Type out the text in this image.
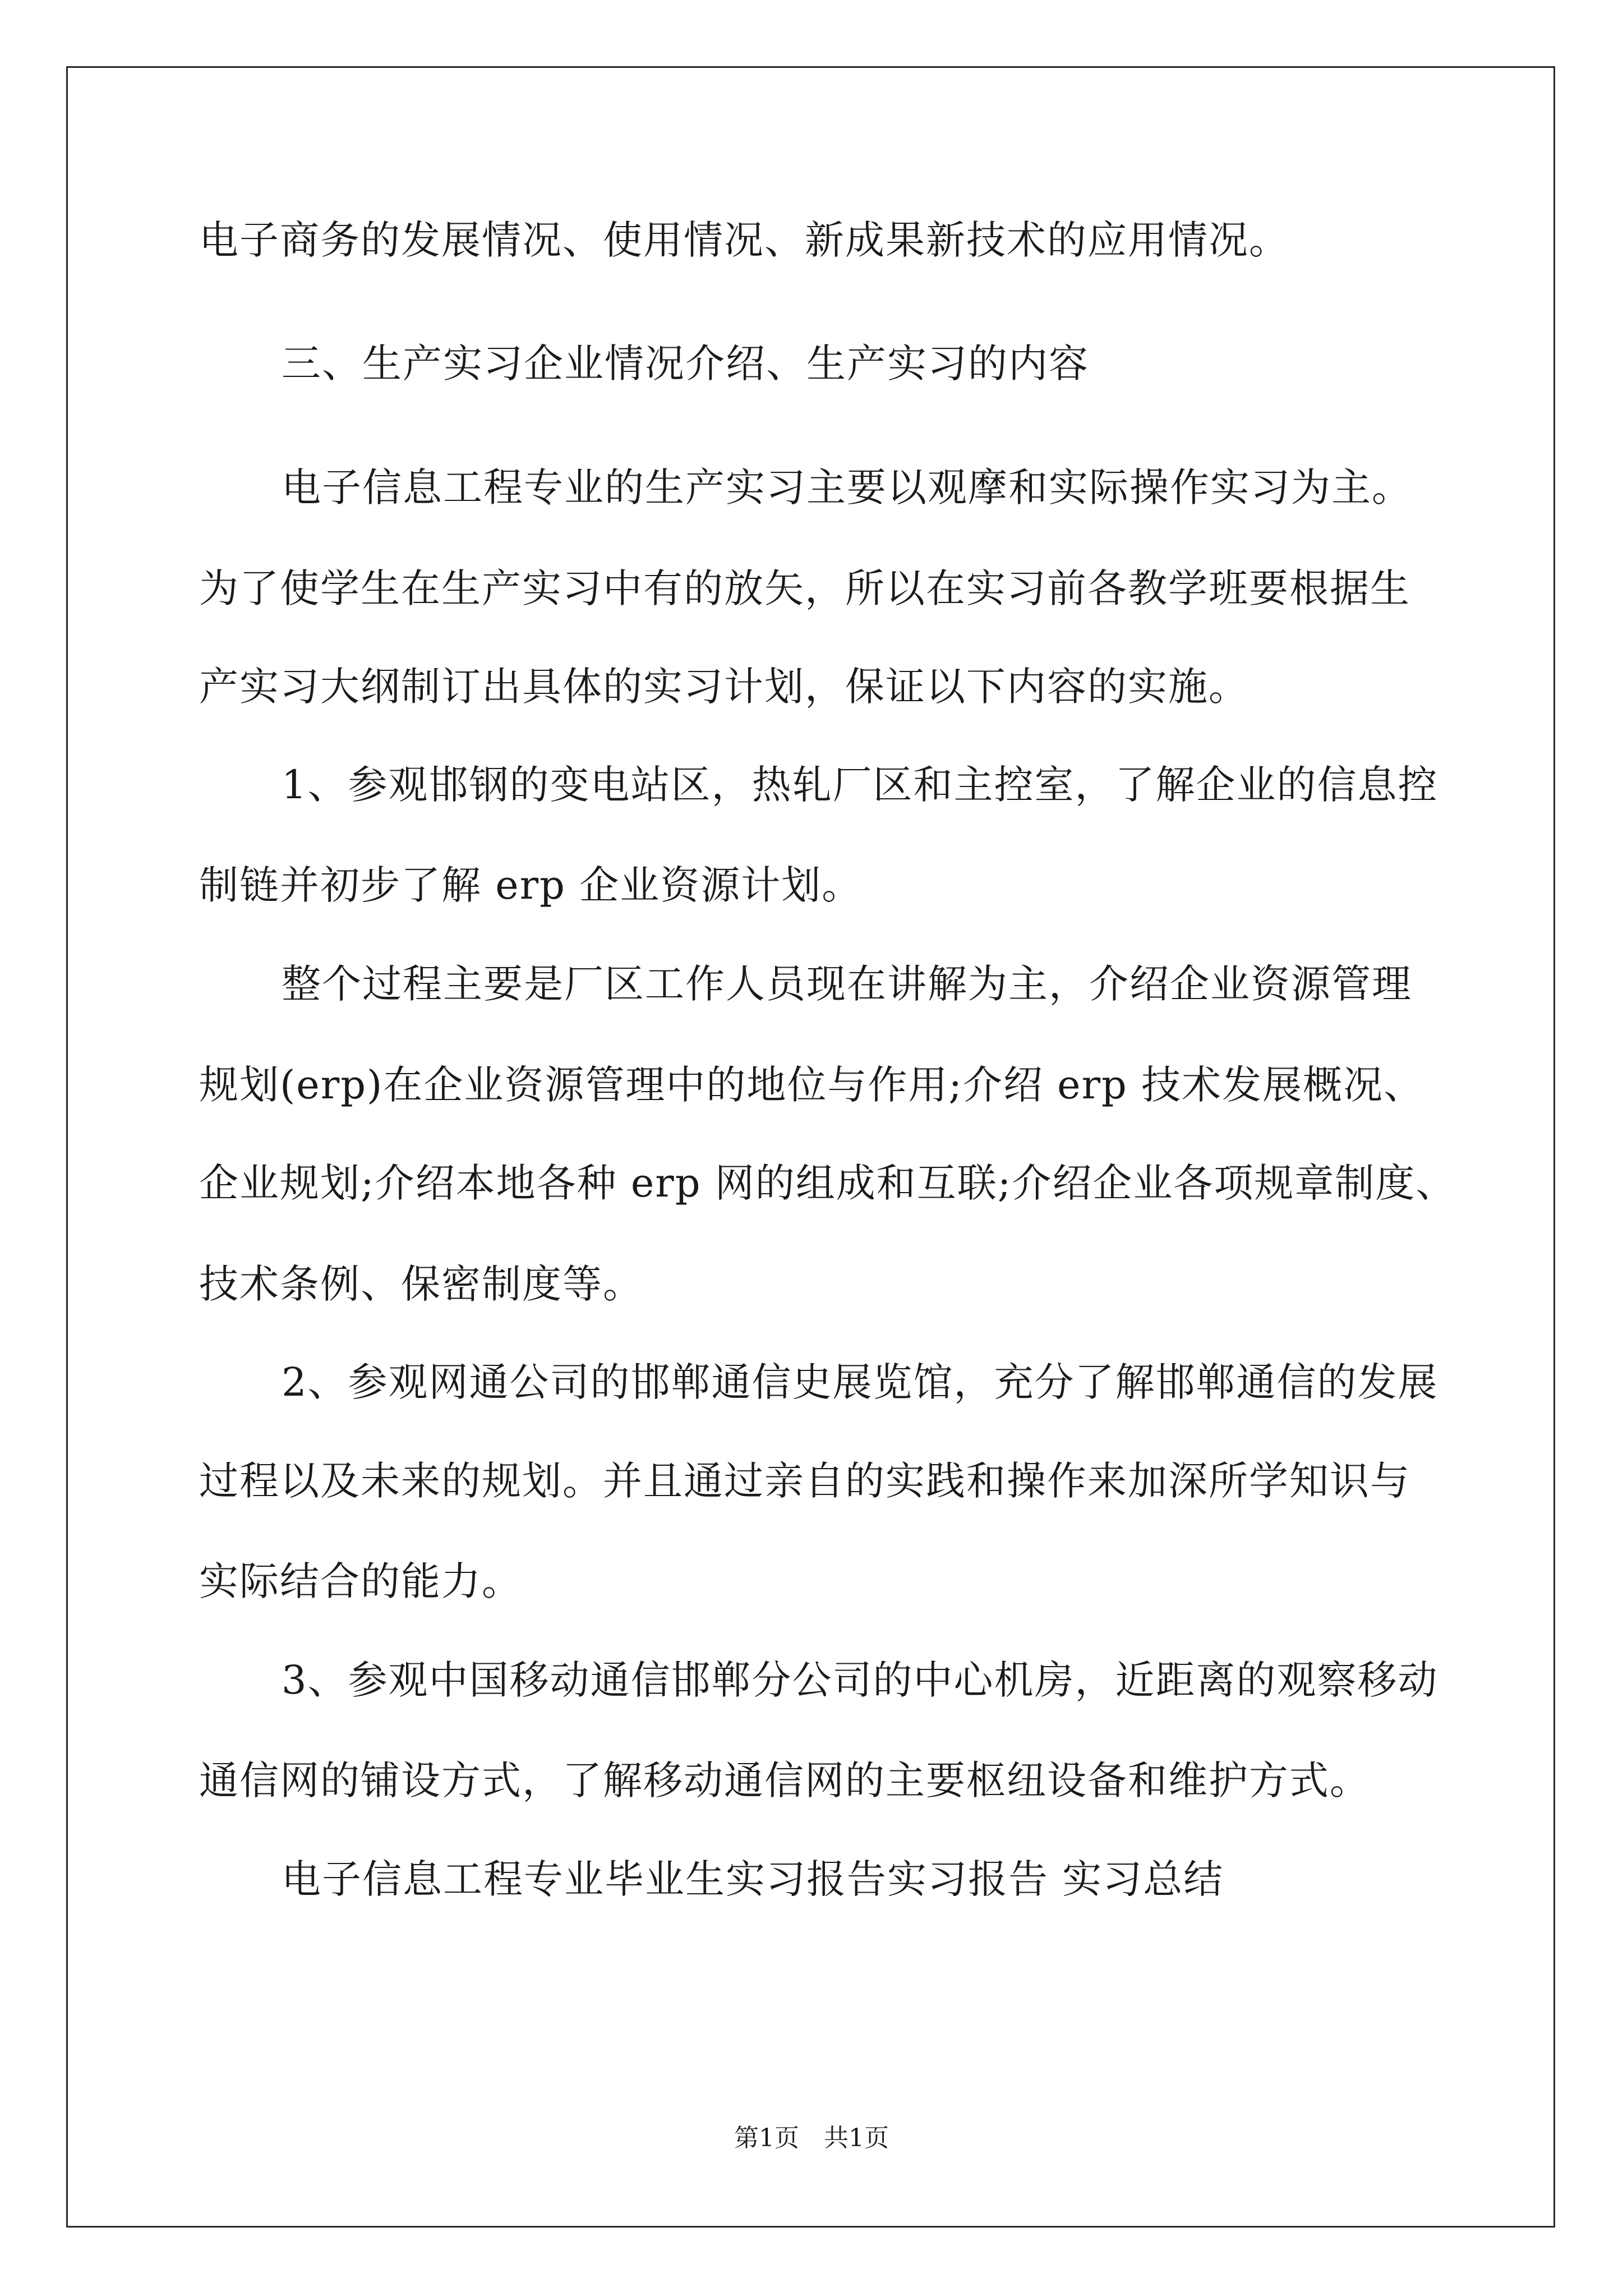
电子商务的发展情况、使用情况、新成果新技术的应用情况。
三、生产实习企业情况介绍、生产实习的内容
电子信息工程专业的生产实习主要以观摩和实际操作实习为主。
为了使学生在生产实习中有的放矢，所以在实习前各教学班要根据生
产实习大纲制订出具体的实习计划，保证以下内容的实施。
1、参观邯钢的变电站区，热轧厂区和主控室，了解企业的信息控
制链并初步了解 erp 企业资源计划。
整个过程主要是厂区工作人员现在讲解为主，介绍企业资源管理
规划(erp)在企业资源管理中的地位与作用;介绍 erp 技术发展概况、
企业规划;介绍本地各种 erp 网的组成和互联;介绍企业各项规章制度、
技术条例、保密制度等。
2、参观网通公司的邯郸通信史展览馆，充分了解邯郸通信的发展
过程以及未来的规划。并且通过亲自的实践和操作来加深所学知识与
实际结合的能力。
3、参观中国移动通信邯郸分公司的中心机房，近距离的观察移动
通信网的铺设方式，了解移动通信网的主要枢纽设备和维护方式。
电子信息工程专业毕业生实习报告实习报告 实习总结
第1页 共1页
